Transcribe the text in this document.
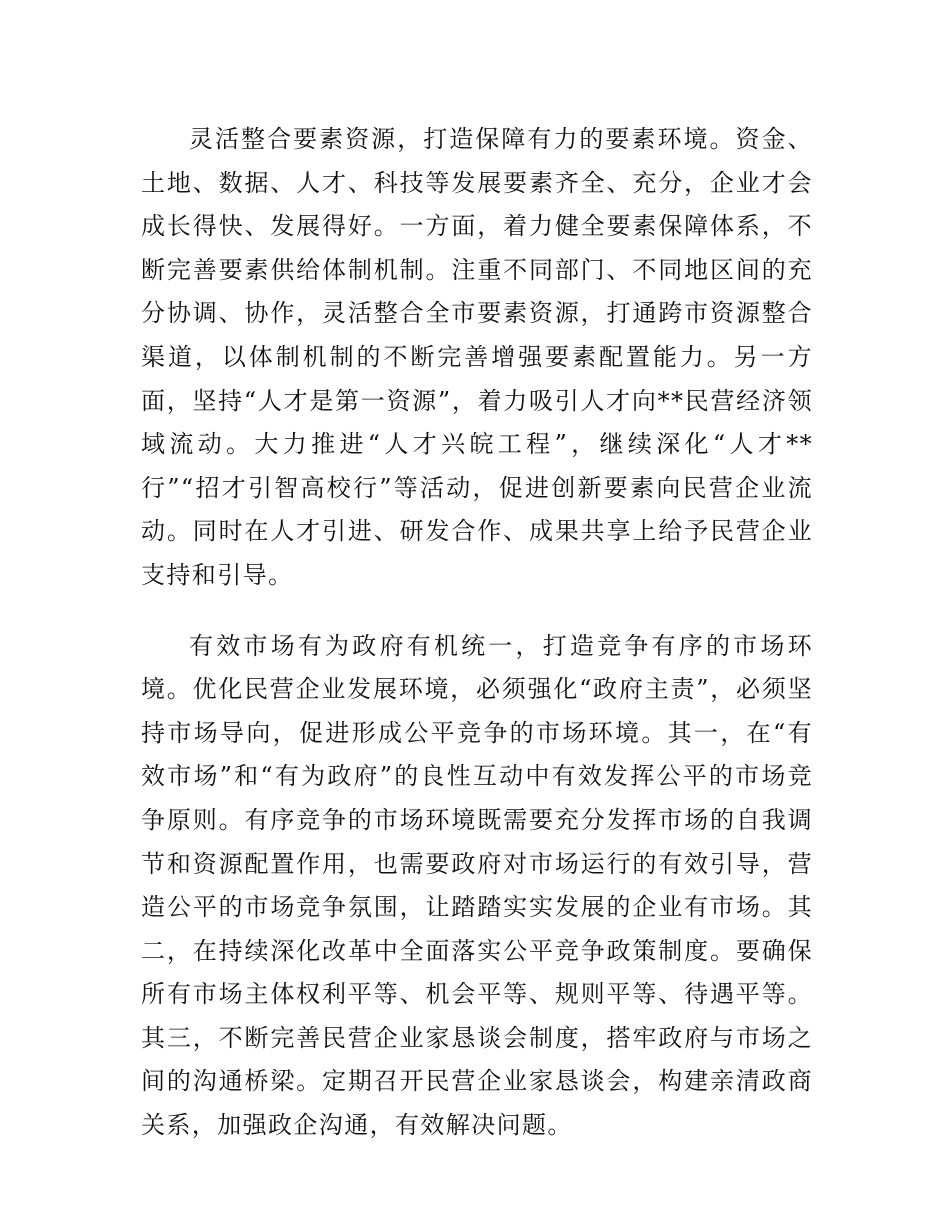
灵活整合要素资源，打造保障有力的要素环境。资金、土地、数据、人才、科技等发展要素齐全、充分，企业才会成长得快、发展得好。一方面，着力健全要素保障体系，不断完善要素供给体制机制。注重不同部门、不同地区间的充分协调、协作，灵活整合全市要素资源，打通跨市资源整合渠道，以体制机制的不断完善增强要素配置能力。另一方面，坚持“人才是第一资源”，着力吸引人才向**民营经济领域流动。大力推进“人才兴皖工程”，继续深化“人才**行”“招才引智高校行”等活动，促进创新要素向民营企业流动。同时在人才引进、研发合作、成果共享上给予民营企业支持和引导。

有效市场有为政府有机统一，打造竞争有序的市场环境。优化民营企业发展环境，必须强化“政府主责”，必须坚持市场导向，促进形成公平竞争的市场环境。其一，在“有效市场”和“有为政府”的良性互动中有效发挥公平的市场竞争原则。有序竞争的市场环境既需要充分发挥市场的自我调节和资源配置作用，也需要政府对市场运行的有效引导，营造公平的市场竞争氛围，让踏踏实实发展的企业有市场。其二，在持续深化改革中全面落实公平竞争政策制度。要确保所有市场主体权利平等、机会平等、规则平等、待遇平等。其三，不断完善民营企业家恳谈会制度，搭牢政府与市场之间的沟通桥梁。定期召开民营企业家恳谈会，构建亲清政商关系，加强政企沟通，有效解决问题。
